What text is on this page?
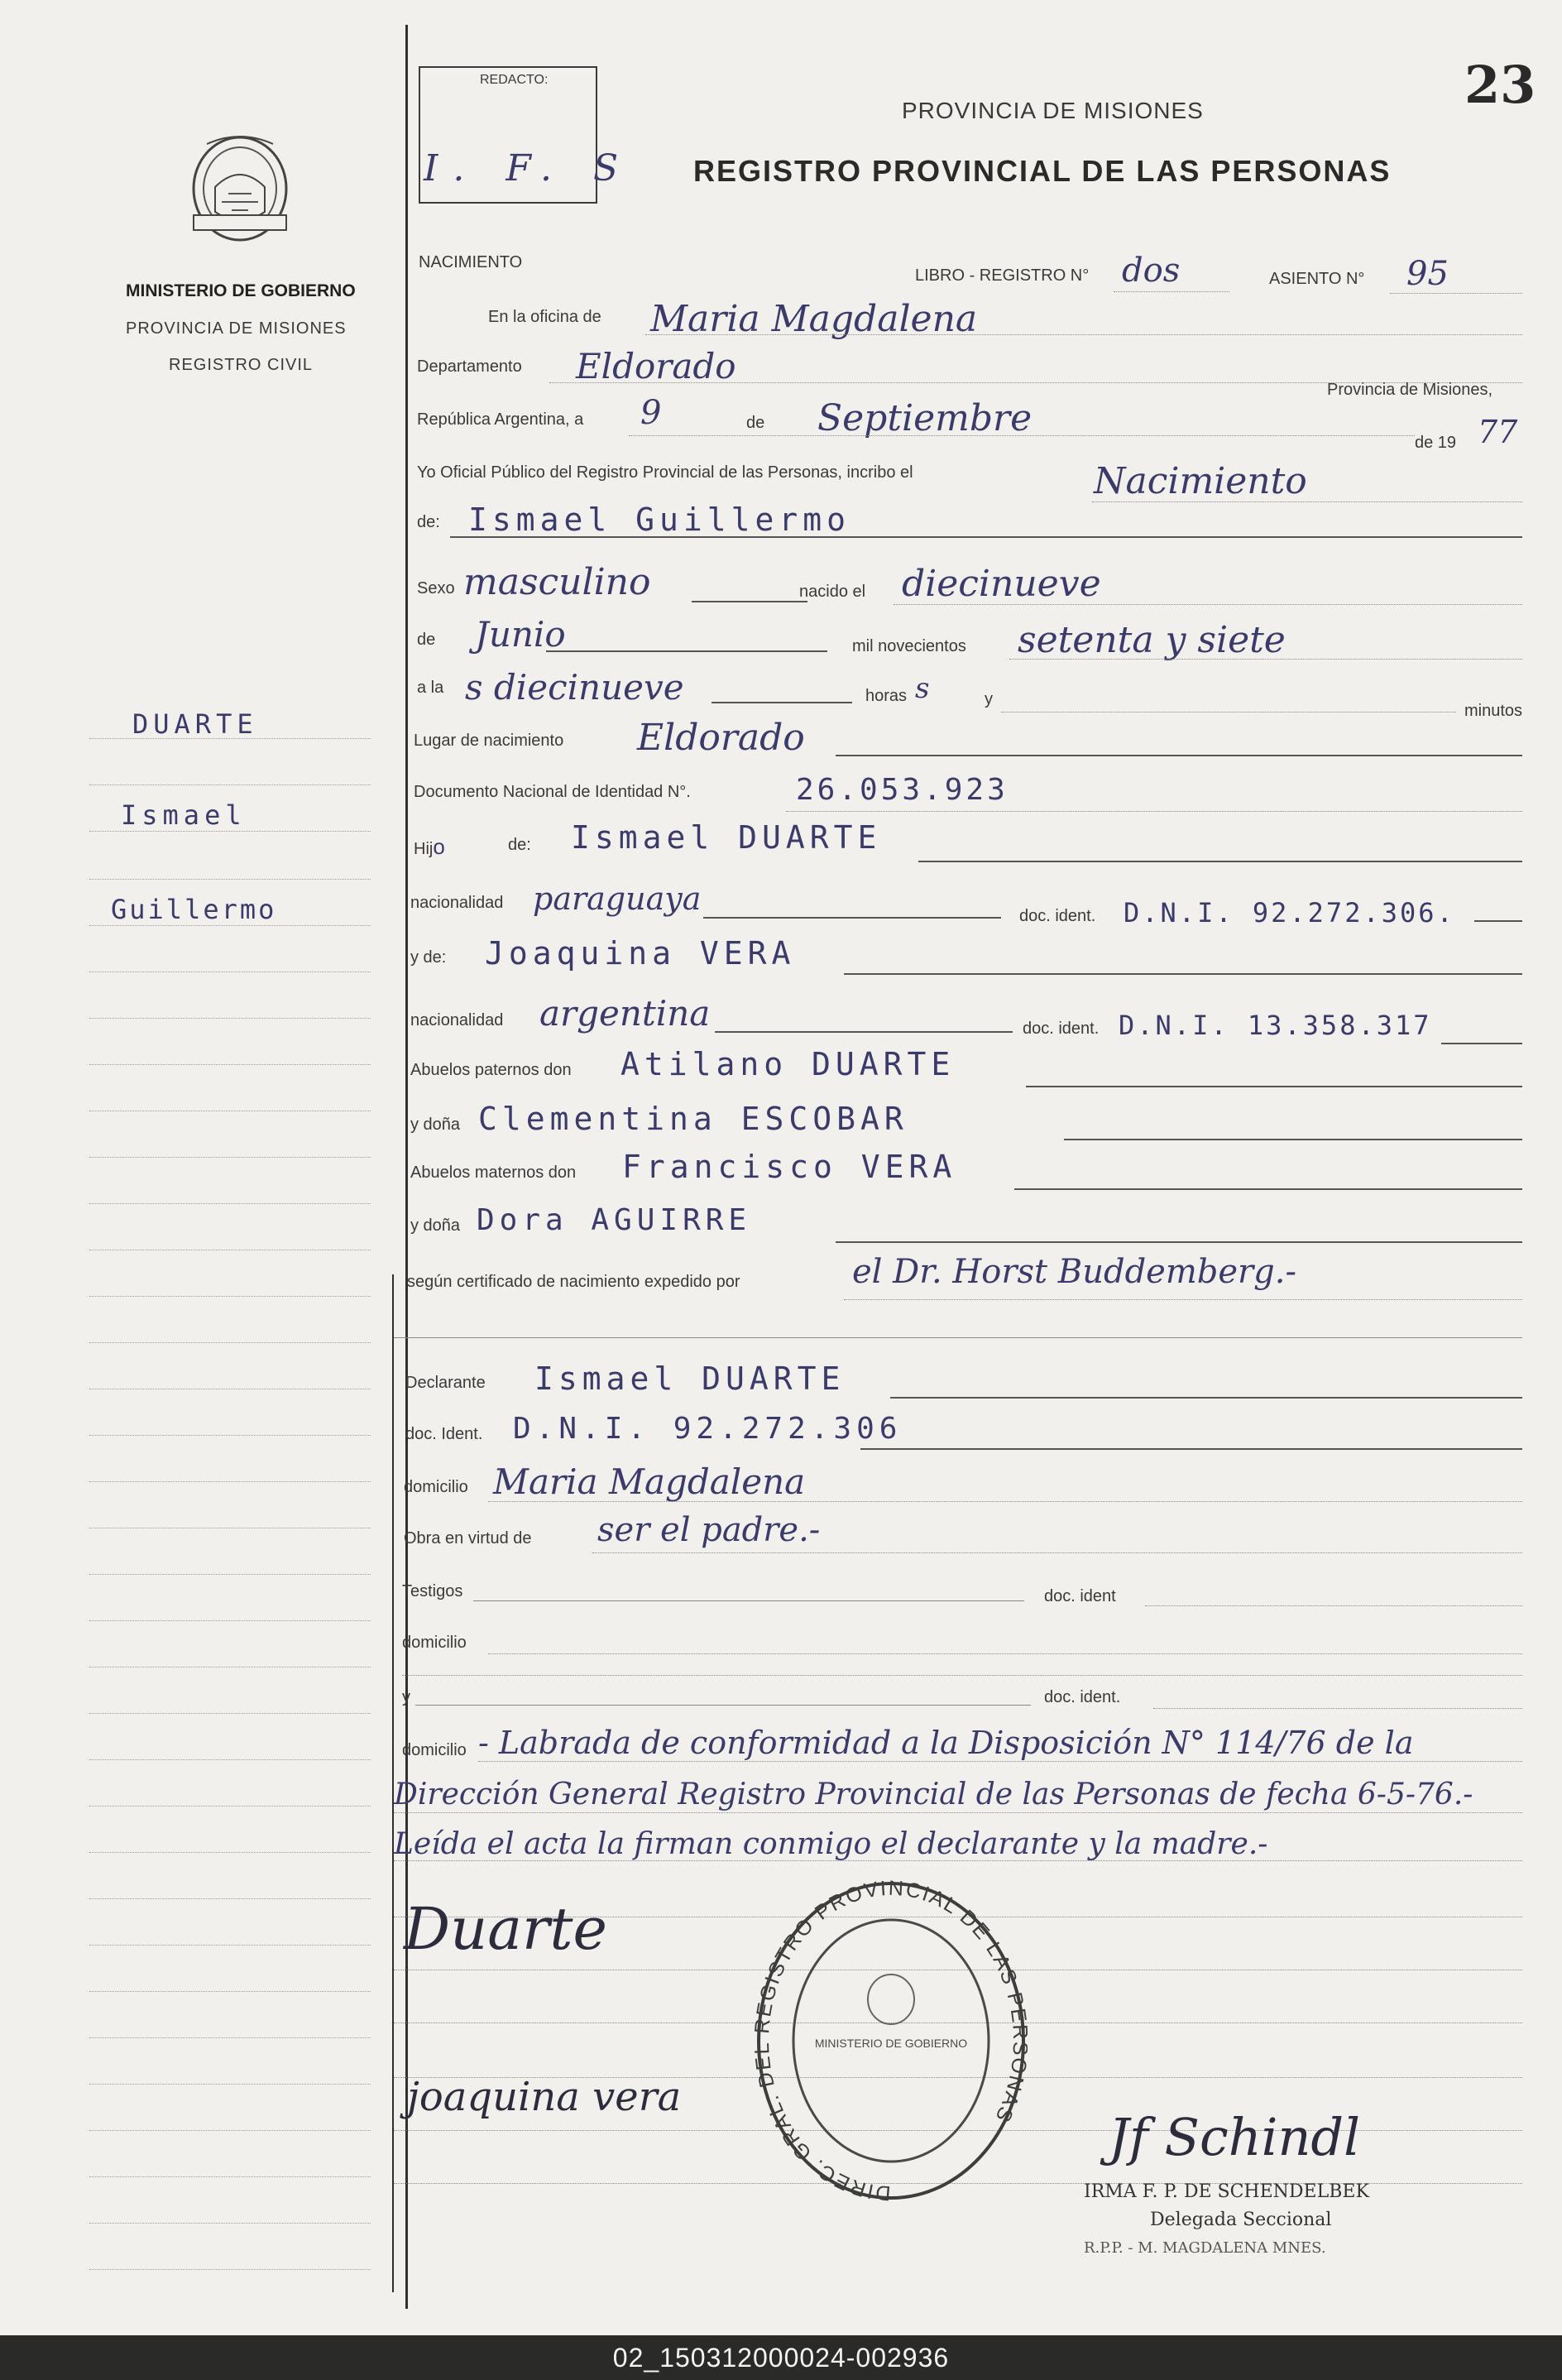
23
REDACTO:
I. F. S
PROVINCIA DE MISIONES
REGISTRO PROVINCIAL DE LAS PERSONAS
MINISTERIO DE GOBIERNO
PROVINCIA DE MISIONES
REGISTRO CIVIL
DUARTE
Ismael
Guillermo
NACIMIENTO
LIBRO - REGISTRO N° dos	ASIENTO N° 95
En la oficina de Maria Magdalena
Departamento Eldorado
Provincia de Misiones,
República Argentina, a 9	de Septiembre
de 19 77
Yo Oficial Público del Registro Provincial de las Personas, incribo el	Nacimiento
de: Ismael Guillermo
Sexo masculino	nacido el diecinueve
de Junio	mil novecientos setenta y siete
a la s diecinueve	horas s	y
minutos
Lugar de nacimiento Eldorado
Documento Nacional de Identidad N°.	26.053.923
Hijo	de: Ismael DUARTE
nacionalidad paraguaya	doc. ident. D.N.I. 92.272.306.
y de: Joaquina VERA
nacionalidad argentina	doc. ident. D.N.I. 13.358.317
Abuelos paternos don Atilano DUARTE
y doña Clementina ESCOBAR
Abuelos maternos don Francisco VERA
y doña Dora AGUIRRE
según certificado de nacimiento expedido por	el Dr. Horst Buddemberg.-
Declarante Ismael DUARTE
doc. Ident. D.N.I. 92.272.306
domicilio Maria Magdalena
Obra en virtud de ser el padre.-
Testigos	doc. ident
domicilio
y	doc. ident.
domicilio - Labrada de conformidad a la Disposición N° 114/76 de la
Dirección General Registro Provincial de las Personas de fecha 6-5-76.-
Leída el acta la firman conmigo el declarante y la madre.-
Duarte
joaquina vera
DIREC. GRAL. D EGISTRO PROVINCIAL DE LAS P NAS
MINISTERIO DE GOBIERNO
Jf Schindl
IRMA F. P. DE SCHENDELBEK
Delegada Seccional
R.P.P. - M. MAGDALENA MNES.
02_150312000024-002936
